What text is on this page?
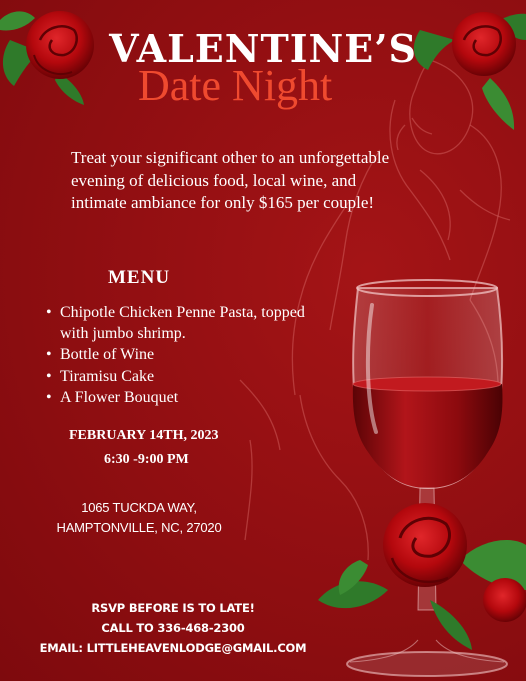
VALENTINE’S
Date Night
Treat your significant other to an unforgettable evening of delicious food, local wine, and intimate ambiance for only $165 per couple!
MENU
• Chipotle Chicken Penne Pasta, topped with jumbo shrimp.
• Bottle of Wine
• Tiramisu Cake
• A Flower Bouquet
FEBRUARY 14TH, 2023
6:30 -9:00 PM
1065 TUCKDA WAY,
HAMPTONVILLE, NC, 27020
RSVP BEFORE IS TO LATE!
CALL TO 336-468-2300
EMAIL: LITTLEHEAVENLODGE@GMAIL.COM
